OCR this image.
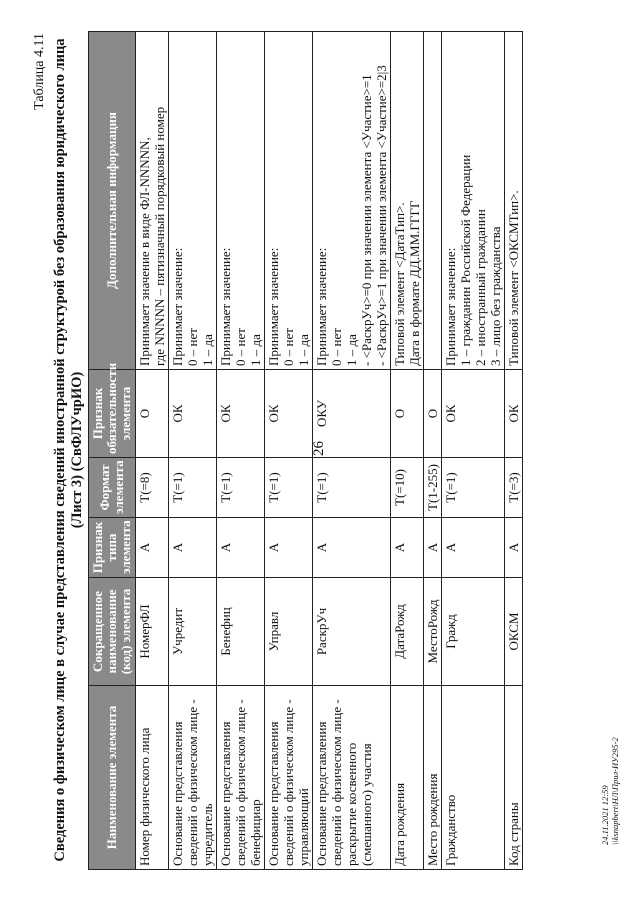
26
Таблица 4.11 Сведения о физическом лице в случае представления сведений иностранной структурой без образования юридического лица (Лист 3) (СвФЛУчрИО)
Наименование элемента	Сокращенное наименование (код) элемента	Признак типа элемента	Формат элемента	Признак обязательности элемента	Дополнительная информация
Номер физического лица	НомерФЛ	А	T(=8)	О	Принимает значение в виде ФЛ-NNNNN, где NNNNN – пятизначный порядковый номер

Основание представления сведений о физическом лице - учредитель	Учредит	А	T(=1)	ОК	Принимает значение: 0 – нет 1 – да

Основание представления сведений о физическом лице - бенефициар	Бенефиц	А	T(=1)	ОК	Принимает значение: 0 – нет 1 – да

Основание представления сведений о физическом лице - управляющий	Управл	А	T(=1)	ОК	Принимает значение: 0 – нет 1 – да

Основание представления сведений о физическом лице - раскрытие косвенного (смешанного) участия	РаскрУч	А	T(=1)	ОКУ	Принимает значение: 0 – нет 1 – да - <РаскрУч>=0 при значении элемента <Участие>=1 - <РаскрУч>=1 при значении элемента <Участие>=2|3

Дата рождения	ДатаРожд	А	T(=10)	О	Типовой элемент <ДатаТип>. Дата в формате ДД.ММ.ГГГГ

Место рождения	МестоРожд	А	T(1-255)	О	
Гражданство	Гражд	А	T(=1)	ОК	Принимает значение: 1 – гражданин Российской Федерации 2 – иностранный гражданин 3 – лицо без гражданства

Код страны	ОКСМ	А	T(=3)	ОК	Типовой элемент <ОКСМТип>.
24.11.2021 12:59 \\ksnapbert\НЛ\Прил-ИУ295-2
